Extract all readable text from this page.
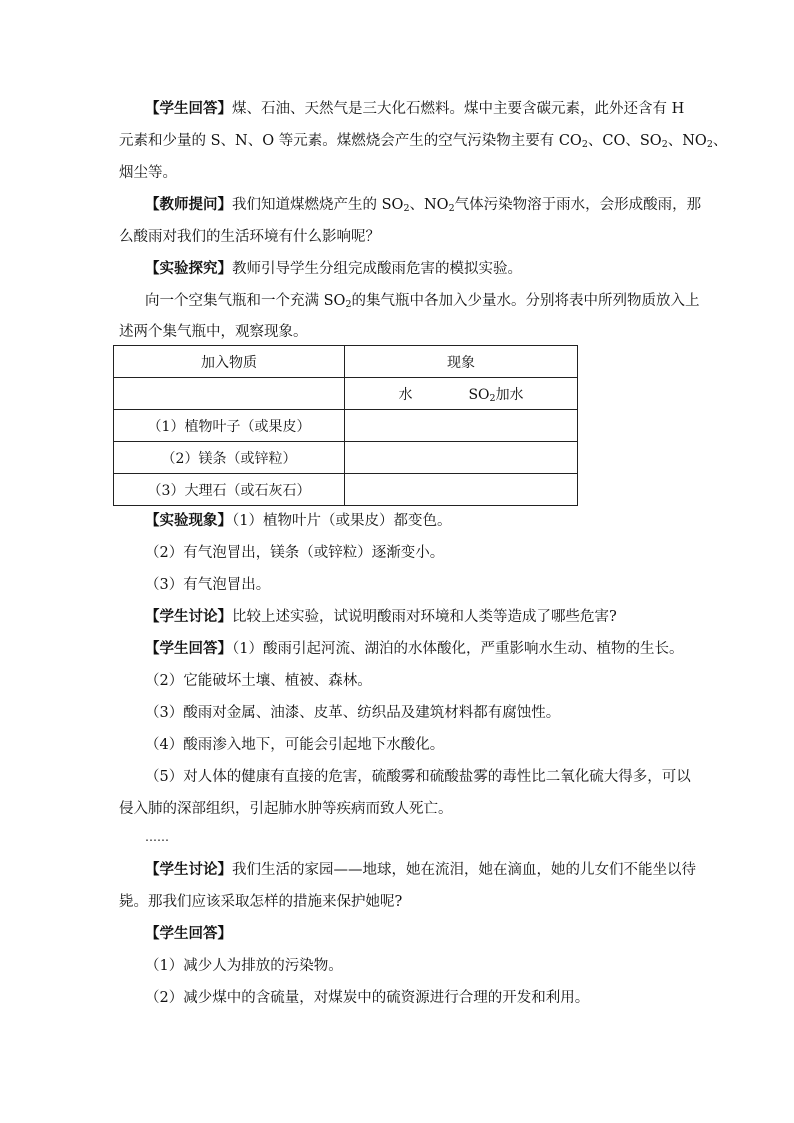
【学生回答】煤、石油、天然气是三大化石燃料。煤中主要含碳元素，此外还含有 H
元素和少量的 S、N、O 等元素。煤燃烧会产生的空气污染物主要有 $CO_2$、CO、$SO_2$、$NO_2$、
烟尘等。
【教师提问】我们知道煤燃烧产生的 $SO_2$、$NO_2$气体污染物溶于雨水，会形成酸雨，那
么酸雨对我们的生活环境有什么影响呢？
【实验探究】教师引导学生分组完成酸雨危害的模拟实验。
向一个空集气瓶和一个充满 $SO_2$的集气瓶中各加入少量水。分别将表中所列物质放入上
加入物质	现象
	水 $SO_2$加水
（1）植物叶子（或果皮）	
（2）镁条（或锌粒）	
（3）大理石（或石灰石）	
【实验现象】（1）植物叶片（或果皮）都变色。
（2）有气泡冒出，镁条（或锌粒）逐渐变小。
（3）有气泡冒出。
【学生讨论】比较上述实验，试说明酸雨对环境和人类等造成了哪些危害?
【学生回答】（1）酸雨引起河流、湖泊的水体酸化，严重影响水生动、植物的生长。
（2）它能破坏土壤、植被、森林。
（3）酸雨对金属、油漆、皮革、纺织品及建筑材料都有腐蚀性。
（4）酸雨渗入地下，可能会引起地下水酸化。
（5）对人体的健康有直接的危害，硫酸雾和硫酸盐雾的毒性比二氧化硫大得多，可以
侵入肺的深部组织，引起肺水肿等疾病而致人死亡。
……
【学生讨论】我们生活的家园——地球，她在流泪，她在滴血，她的儿女们不能坐以待
毙。那我们应该采取怎样的措施来保护她呢?
【学生回答】
（1）减少人为排放的污染物。
（2）减少煤中的含硫量，对煤炭中的硫资源进行合理的开发和利用。
述两个集气瓶中，观察现象。
